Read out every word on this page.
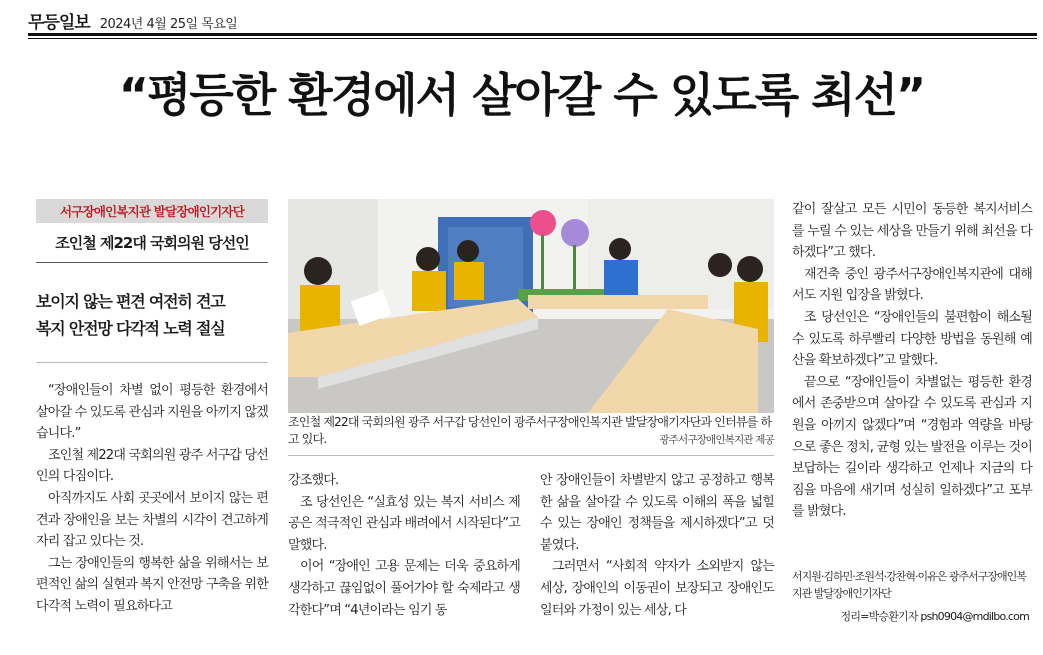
무등일보 2024년 4월 25일 목요일
“평등한 환경에서 살아갈 수 있도록 최선”
서구장애인복지관 발달장애인기자단
조인철 제22대 국회의원 당선인
보이지 않는 편견 여전히 견고
복지 안전망 다각적 노력 절실

“장애인들이 차별 없이 평등한 환경에서 살아갈 수 있도록 관심과 지원을 아끼지 않겠습니다.”

조인철 제22대 국회의원 광주 서구갑 당선인의 다짐이다.

아직까지도 사회 곳곳에서 보이지 않는 편견과 장애인을 보는 차별의 시각이 견고하게 자리 잡고 있다는 것.

그는 장애인들의 행복한 삶을 위해서는 보편적인 삶의 실현과 복지 안전망 구축을 위한 다각적 노력이 필요하다고

조인철 제22대 국회의원 광주 서구갑 당선인이 광주서구장애인복지관 발달장애기자단과 인터뷰를 하고 있다.	광주서구장애인복지관 제공

강조했다.

조 당선인은 “실효성 있는 복지 서비스 제공은 적극적인 관심과 배려에서 시작된다”고 말했다.

이어 “장애인 고용 문제는 더욱 중요하게 생각하고 끊임없이 풀어가야 할 숙제라고 생각한다”며 “4년이라는 임기 동

안 장애인들이 차별받지 않고 공정하고 행복한 삶을 살아갈 수 있도록 이해의 폭을 넓힐 수 있는 장애인 정책들을 제시하겠다”고 덧붙였다.

그러면서 “사회적 약자가 소외받지 않는 세상, 장애인의 이동권이 보장되고 장애인도 일터와 가정이 있는 세상, 다

같이 잘살고 모든 시민이 동등한 복지서비스를 누릴 수 있는 세상을 만들기 위해 최선을 다하겠다”고 했다.

재건축 중인 광주서구장애인복지관에 대해서도 지원 입장을 밝혔다.

조 당선인은 “장애인들의 불편함이 해소될 수 있도록 하루빨리 다양한 방법을 동원해 예산을 확보하겠다”고 말했다.

끝으로 “장애인들이 차별없는 평등한 환경에서 존중받으며 살아갈 수 있도록 관심과 지원을 아끼지 않겠다”며 “경험과 역량을 바탕으로 좋은 정치, 균형 있는 발전을 이루는 것이 보답하는 길이라 생각하고 언제나 지금의 다짐을 마음에 새기며 성실히 일하겠다”고 포부를 밝혔다.

서지원·김하민·조원석·강찬혁·이유은 광주서구장애인복지관 발달장애인기자단
정리=박승환기자 psh0904@mdilbo.com
